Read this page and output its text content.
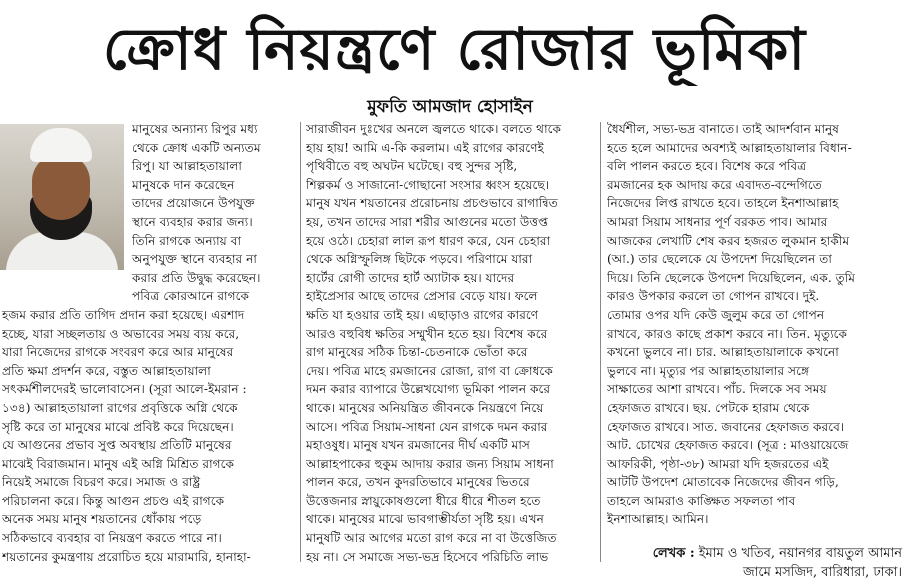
ক্রোধ নিয়ন্ত্রণে রোজার ভূমিকা
মুফতি আমজাদ হোসাইন
মানুষের অন্যান্য রিপুর মধ্য
থেকে ক্রোধ একটি অন্যতম
রিপু। যা আল্লাহতায়ালা
মানুষকে দান করেছেন
তাদের প্রয়োজনে উপযুক্ত
স্থানে ব্যবহার করার জন্য।
তিনি রাগকে অন্যায় বা
অনুপযুক্ত স্থানে ব্যবহার না
করার প্রতি উদ্বুদ্ধ করেছেন।
পবিত্র কোরআনে রাগকে
হজম করার প্রতি তাগিদ প্রদান করা হয়েছে। এরশাদ
হচ্ছে, যারা সচ্ছলতায় ও অভাবের সময় ব্যয় করে,
যারা নিজেদের রাগকে সংবরণ করে আর মানুষের
প্রতি ক্ষমা প্রদর্শন করে, বস্তুত আল্লাহতায়ালা
সৎকর্মশীলদেরই ভালোবাসেন। (সূরা আলে-ইমরান :
১৩৪) আল্লাহতায়ালা রাগের প্রবৃত্তিকে অগ্নি থেকে
সৃষ্টি করে তা মানুষের মাঝে প্রবিষ্ট করে দিয়েছেন।
যে আগুনের প্রভাব সুপ্ত অবস্থায় প্রতিটি মানুষের
মাঝেই বিরাজমান। মানুষ এই অগ্নি মিশ্রিত রাগকে
নিয়েই সমাজে বিচরণ করে। সমাজ ও রাষ্ট্র
পরিচালনা করে। কিন্তু আগুন প্রচণ্ড এই রাগকে
অনেক সময় মানুষ শয়তানের ধোঁকায় পড়ে
সঠিকভাবে ব্যবহার বা নিয়ন্ত্রণ করতে পারে না।
শয়তানের কুমন্ত্রণায় প্ররোচিত হয়ে মারামারি, হানাহা-
সারাজীবন দুঃখের অনলে জ্বলতে থাকে। বলতে থাকে
হায় হায়! আমি এ-কি করলাম। এই রাগের কারণেই
পৃথিবীতে বহু অঘটন ঘটেছে। বহু সুন্দর সৃষ্টি,
শিল্পকর্ম ও সাজানো-গোছানো সংসার ধ্বংস হয়েছে।
মানুষ যখন শয়তানের প্ররোচনায় প্রচণ্ডভাবে রাগান্বিত
হয়, তখন তাদের সারা শরীর আগুনের মতো উত্তপ্ত
হয়ে ওঠে। চেহারা লাল রূপ ধারণ করে, যেন চেহারা
থেকে অগ্নিস্ফুলিঙ্গ ছিটকে পড়বে। পরিণামে যারা
হার্টের রোগী তাদের হার্ট অ্যাটাক হয়। যাদের
হাইপ্রেসার আছে তাদের প্রেসার বেড়ে যায়। ফলে
ক্ষতি যা হওয়ার তাই হয়। এছাড়াও রাগের কারণে
আরও বহুবিধ ক্ষতির সম্মুখীন হতে হয়। বিশেষ করে
রাগ মানুষের সঠিক চিন্তা-চেতনাকে ভোঁতা করে
দেয়। পবিত্র মাহে রমজানের রোজা, রাগ বা ক্রোধকে
দমন করার ব্যাপারে উল্লেখযোগ্য ভূমিকা পালন করে
থাকে। মানুষের অনিয়ন্ত্রিত জীবনকে নিয়ন্ত্রণে নিয়ে
আসে। পবিত্র সিয়াম-সাধনা যেন রাগকে দমন করার
মহাওষুধ। মানুষ যখন রমজানের দীর্ঘ একটি মাস
আল্লাহপাকের হুকুম আদায় করার জন্য সিয়াম সাধনা
পালন করে, তখন কুদরতিভাবে মানুষের ভিতরে
উত্তেজনার স্নায়ুকোষগুলো ধীরে ধীরে শীতল হতে
থাকে। মানুষের মাঝে ভাবগাম্ভীর্যতা সৃষ্টি হয়। এখন
মানুষটি আর আগের মতো রাগ করে না বা উত্তেজিত
হয় না। সে সমাজে সভ্য-ভদ্র হিসেবে পরিচিতি লাভ
ধৈর্যশীল, সভ্য-ভদ্র বানাতে। তাই আদর্শবান মানুষ
হতে হলে আমাদের অবশ্যই আল্লাহতায়ালার বিধান-
বলি পালন করতে হবে। বিশেষ করে পবিত্র
রমজানের হক আদায় করে এবাদত-বন্দেগিতে
নিজেদের লিপ্ত রাখতে হবে। তাহলে ইনশাআল্লাহ
আমরা সিয়াম সাধনার পূর্ণ বরকত পাব। আমার
আজকের লেখাটি শেষ করব হজরত লুকমান হাকীম
(আ.) তার ছেলেকে যে উপদেশ দিয়েছিলেন তা
দিয়ে। তিনি ছেলেকে উপদেশ দিয়েছিলেন, এক. তুমি
কারও উপকার করলে তা গোপন রাখবে। দুই.
তোমার ওপর যদি কেউ জুলুম করে তা গোপন
রাখবে, কারও কাছে প্রকাশ করবে না। তিন. মৃত্যুকে
কখনো ভুলবে না। চার. আল্লাহতায়ালাকে কখনো
ভুলবে না। মৃত্যুর পর আল্লাহতায়ালার সঙ্গে
সাক্ষাতের আশা রাখবে। পাঁচ. দিলকে সব সময়
হেফাজত রাখবে। ছয়. পেটকে হারাম থেকে
হেফাজত রাখবে। সাত. জবানের হেফাজত করবে।
আট. চোখের হেফাজত করবে। (সূত্র : মাওয়ায়েজে
আফরিকী, পৃষ্ঠা-৩৮) আমরা যদি হজরতের এই
আটটি উপদেশ মোতাবেক নিজেদের জীবন গড়ি,
তাহলে আমরাও কাঙ্ক্ষিত সফলতা পাব
ইনশাআল্লাহ। আমিন।
লেখক : ইমাম ও খতিব, নয়ানগর বায়তুল আমান
জামে মসজিদ, বারিধারা, ঢাকা।
